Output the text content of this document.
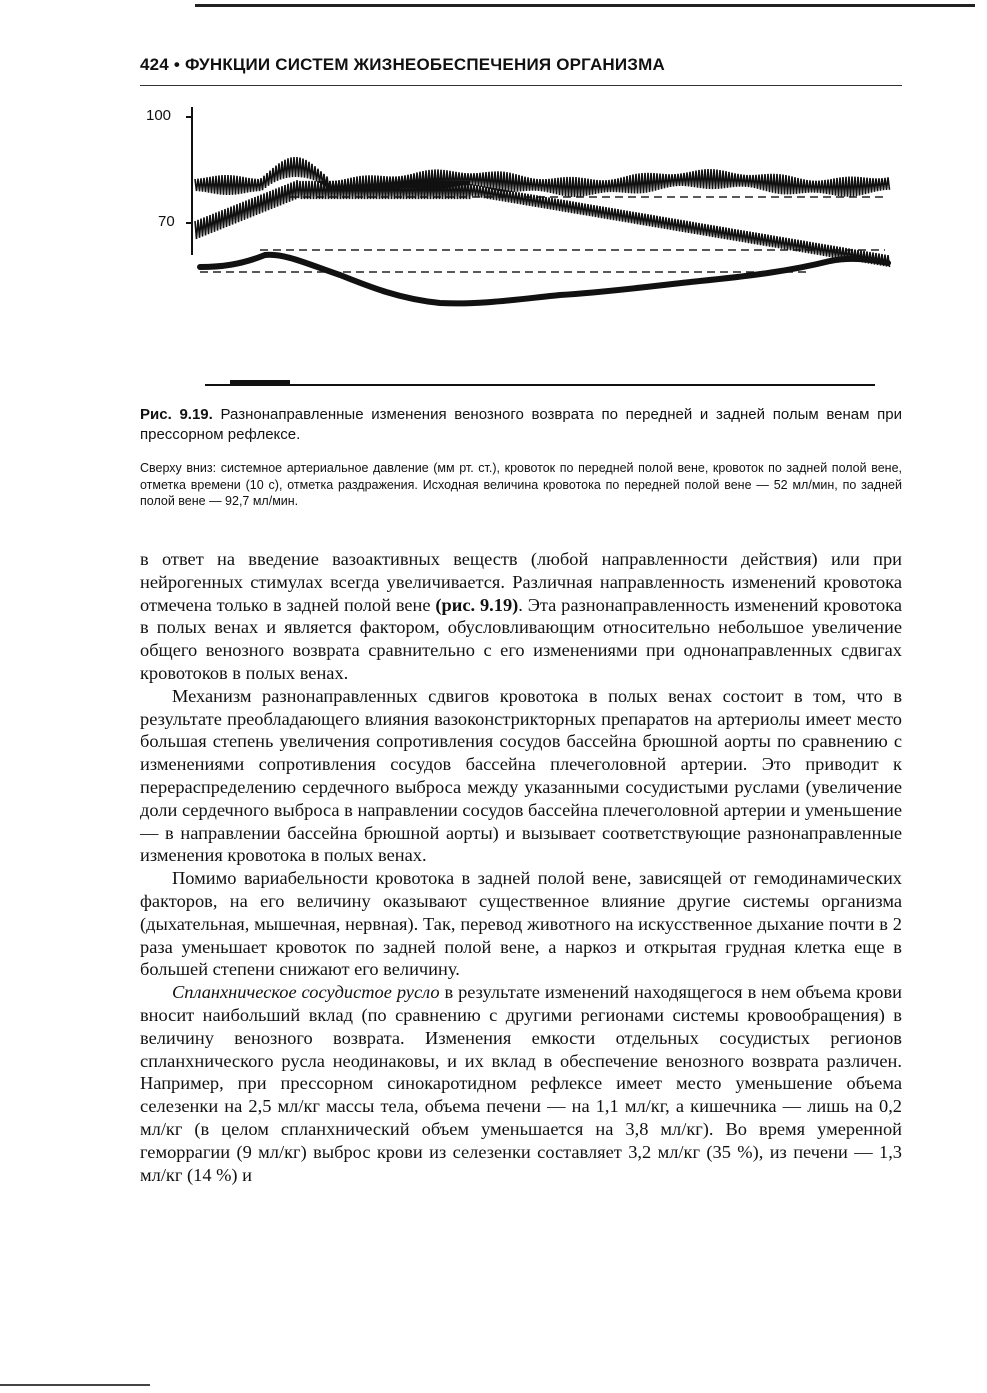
424 • ФУНКЦИИ СИСТЕМ ЖИЗНЕОБЕСПЕЧЕНИЯ ОРГАНИЗМА
100
70
Рис. 9.19. Разнонаправленные изменения венозного возврата по передней и задней полым венам при прессорном рефлексе.
Сверху вниз: системное артериальное давление (мм рт. ст.), кровоток по передней полой вене, кровоток по задней полой вене, отметка времени (10 с), отметка раздражения. Исходная величина кровотока по передней полой вене — 52 мл/мин, по задней полой вене — 92,7 мл/мин.

в ответ на введение вазоактивных веществ (любой направленности действия) или при нейрогенных стимулах всегда увеличивается. Различная направленность изменений кровотока отмечена только в задней полой вене (рис. 9.19). Эта разнонаправленность изменений кровотока в полых венах и является фактором, обусловливающим относительно небольшое увеличение общего венозного возврата сравнительно с его изменениями при однонаправленных сдвигах кровотоков в полых венах.

Механизм разнонаправленных сдвигов кровотока в полых венах состоит в том, что в результате преобладающего влияния вазоконстрикторных препаратов на артериолы имеет место большая степень увеличения сопротивления сосудов бассейна брюшной аорты по сравнению с изменениями сопротивления сосудов бассейна плечеголовной артерии. Это приводит к перераспределению сердечного выброса между указанными сосудистыми руслами (увеличение доли сердечного выброса в направлении сосудов бассейна плечеголовной артерии и уменьшение — в направлении бассейна брюшной аорты) и вызывает соответствующие разнонаправленные изменения кровотока в полых венах.

Помимо вариабельности кровотока в задней полой вене, зависящей от гемодинамических факторов, на его величину оказывают существенное влияние другие системы организма (дыхательная, мышечная, нервная). Так, перевод животного на искусственное дыхание почти в 2 раза уменьшает кровоток по задней полой вене, а наркоз и открытая грудная клетка еще в большей степени снижают его величину.

Спланхническое сосудистое русло в результате изменений находящегося в нем объема крови вносит наибольший вклад (по сравнению с другими регионами системы кровообращения) в величину венозного возврата. Изменения емкости отдельных сосудистых регионов спланхнического русла неодинаковы, и их вклад в обеспечение венозного возврата различен. Например, при прессорном синокаротидном рефлексе имеет место уменьшение объема селезенки на 2,5 мл/кг массы тела, объема печени — на 1,1 мл/кг, а кишечника — лишь на 0,2 мл/кг (в целом спланхнический объем уменьшается на 3,8 мл/кг). Во время умеренной геморрагии (9 мл/кг) выброс крови из селезенки составляет 3,2 мл/кг (35 %), из печени — 1,3 мл/кг (14 %) и
